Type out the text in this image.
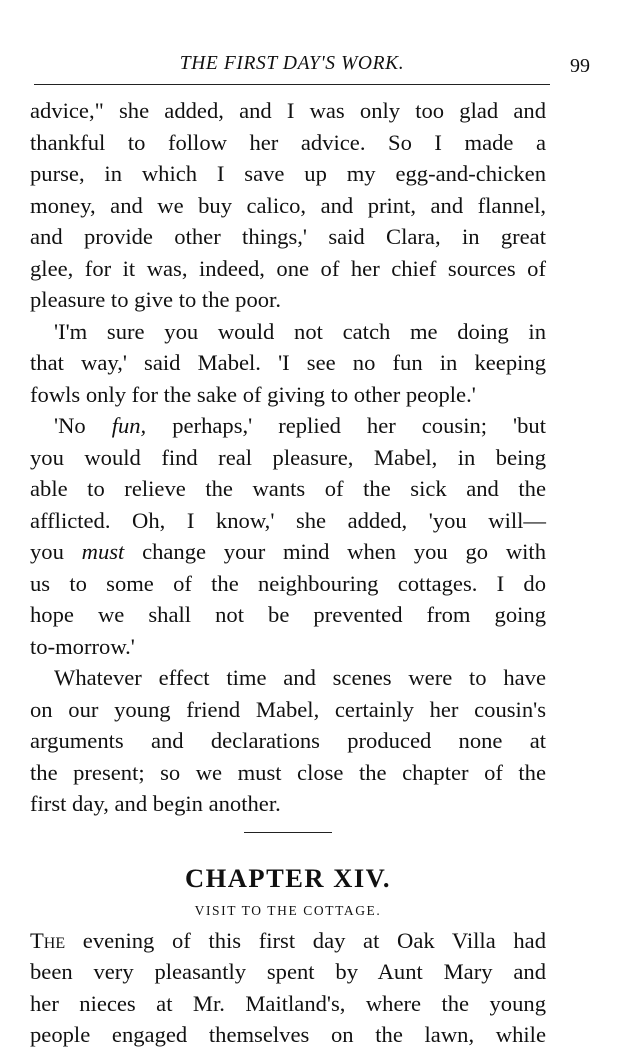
THE FIRST DAY'S WORK.	99

advice," she added, and I was only too glad and
thankful to follow her advice. So I made a
purse, in which I save up my egg-and-chicken
money, and we buy calico, and print, and flannel,
and provide other things,' said Clara, in great
glee, for it was, indeed, one of her chief sources of
pleasure to give to the poor.

'I'm sure you would not catch me doing in
that way,' said Mabel. 'I see no fun in keeping
fowls only for the sake of giving to other people.'

'No fun, perhaps,' replied her cousin; 'but
you would find real pleasure, Mabel, in being
able to relieve the wants of the sick and the
afflicted. Oh, I know,' she added, 'you will—
you must change your mind when you go with
us to some of the neighbouring cottages. I do
hope we shall not be prevented from going
to-morrow.'

Whatever effect time and scenes were to have
on our young friend Mabel, certainly her cousin's
arguments and declarations produced none at
the present; so we must close the chapter of the
first day, and begin another.

CHAPTER XIV.
VISIT TO THE COTTAGE.

The evening of this first day at Oak Villa had
been very pleasantly spent by Aunt Mary and
her nieces at Mr. Maitland's, where the young
people engaged themselves on the lawn, while
